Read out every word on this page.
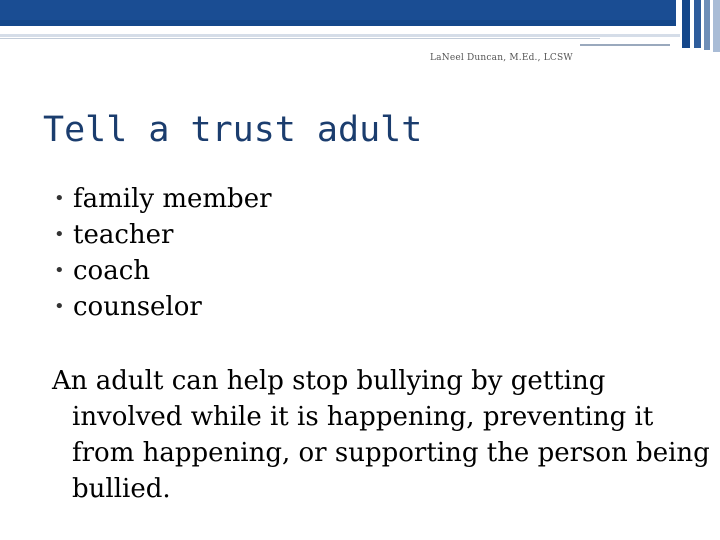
LaNeel Duncan, M.Ed., LCSW
Tell a trust adult
• family member
• teacher
• coach
• counselor
An adult can help stop bullying by getting involved while it is happening, preventing it from happening, or supporting the person being bullied.
